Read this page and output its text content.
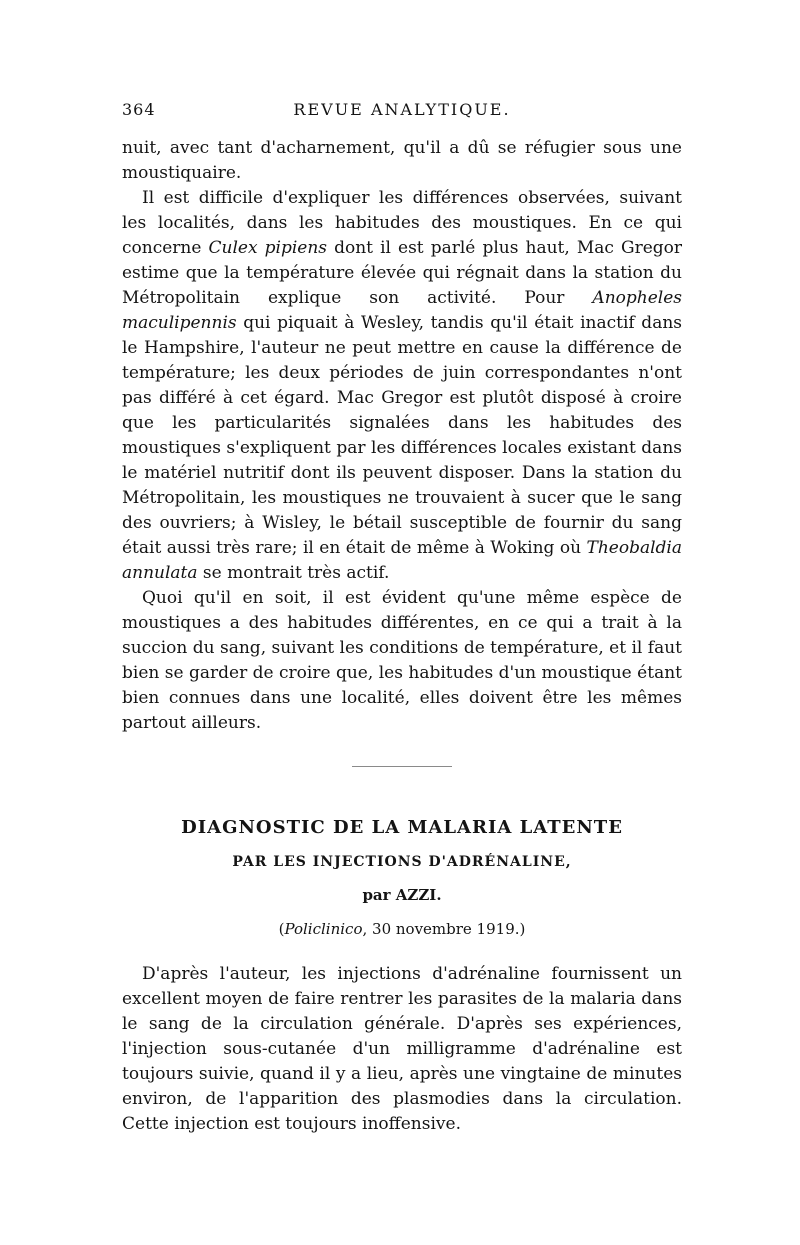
364	REVUE ANALYTIQUE.

nuit, avec tant d'acharnement, qu'il a dû se réfugier sous une moustiquaire.

Il est difficile d'expliquer les différences observées, suivant les localités, dans les habitudes des moustiques. En ce qui concerne Culex pipiens dont il est parlé plus haut, Mac Gregor estime que la température élevée qui régnait dans la station du Métropolitain explique son activité. Pour Anopheles maculipennis qui piquait à Wesley, tandis qu'il était inactif dans le Hampshire, l'auteur ne peut mettre en cause la différence de température; les deux périodes de juin correspondantes n'ont pas différé à cet égard. Mac Gregor est plutôt disposé à croire que les particularités signalées dans les habitudes des moustiques s'expliquent par les différences locales existant dans le matériel nutritif dont ils peuvent disposer. Dans la station du Métropolitain, les moustiques ne trouvaient à sucer que le sang des ouvriers; à Wisley, le bétail susceptible de fournir du sang était aussi très rare; il en était de même à Woking où Theobaldia annulata se montrait très actif.

Quoi qu'il en soit, il est évident qu'une même espèce de moustiques a des habitudes différentes, en ce qui a trait à la succion du sang, suivant les conditions de température, et il faut bien se garder de croire que, les habitudes d'un moustique étant bien connues dans une localité, elles doivent être les mêmes partout ailleurs.

DIAGNOSTIC DE LA MALARIA LATENTE
PAR LES INJECTIONS D'ADRÉNALINE,
par AZZI.
(Policlinico, 30 novembre 1919.)

D'après l'auteur, les injections d'adrénaline fournissent un excellent moyen de faire rentrer les parasites de la malaria dans le sang de la circulation générale. D'après ses expériences, l'injection sous-cutanée d'un milligramme d'adrénaline est toujours suivie, quand il y a lieu, après une vingtaine de minutes environ, de l'apparition des plasmodies dans la circulation. Cette injection est toujours inoffensive.
